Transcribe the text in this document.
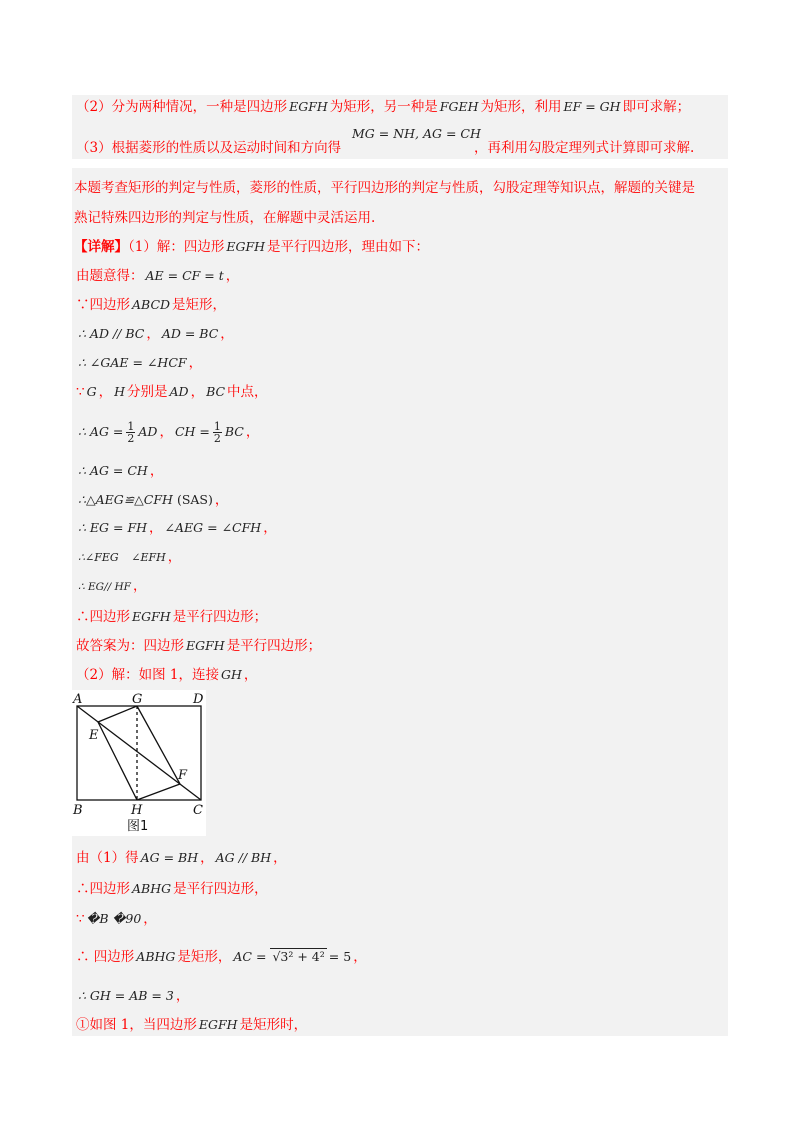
（2）分为两种情况，一种是四边形 EGFH 为矩形，另一种是 FGEH 为矩形，利用 EF = GH 即可求解；
（3）根据菱形的性质以及运动时间和方向得
MG = NH, AG = CH
，再利用勾股定理列式计算即可求解.
本题考查矩形的判定与性质，菱形的性质，平行四边形的判定与性质，勾股定理等知识点，解题的关键是
熟记特殊四边形的判定与性质，在解题中灵活运用.
【详解】（1）解：四边形 EGFH 是平行四边形，理由如下：
由题意得： AE = CF = t ，
∵四边形 ABCD 是矩形，
∴ AD // BC ， AD = BC ，
∴ ∠GAE = ∠HCF ，
∵ G ， H 分别是 AD ， BC 中点，
∴ AG = $\frac{1}{2}$ AD ， CH = $\frac{1}{2}$ BC ，
∴ AG = CH ，
∴△AEG≌△CFH (SAS) ，
∴ EG = FH ， ∠AEG = ∠CFH ，
∴∠FEG ∠EFH ，
∴ EG// HF ，
∴四边形 EGFH 是平行四边形；
故答案为：四边形 EGFH 是平行四边形；
（2）解：如图 1，连接 GH ，
A	G	D
E
F
B	H	C
图1
由（1）得 AG = BH ， AG // BH ，
∴四边形 ABHG 是平行四边形，
∵ �B �90 ，
∴ 四边形 ABHG 是矩形， AC = √3² + 4² = 5 ，
∴ GH = AB = 3 ，
①如图 1，当四边形 EGFH 是矩形时，
